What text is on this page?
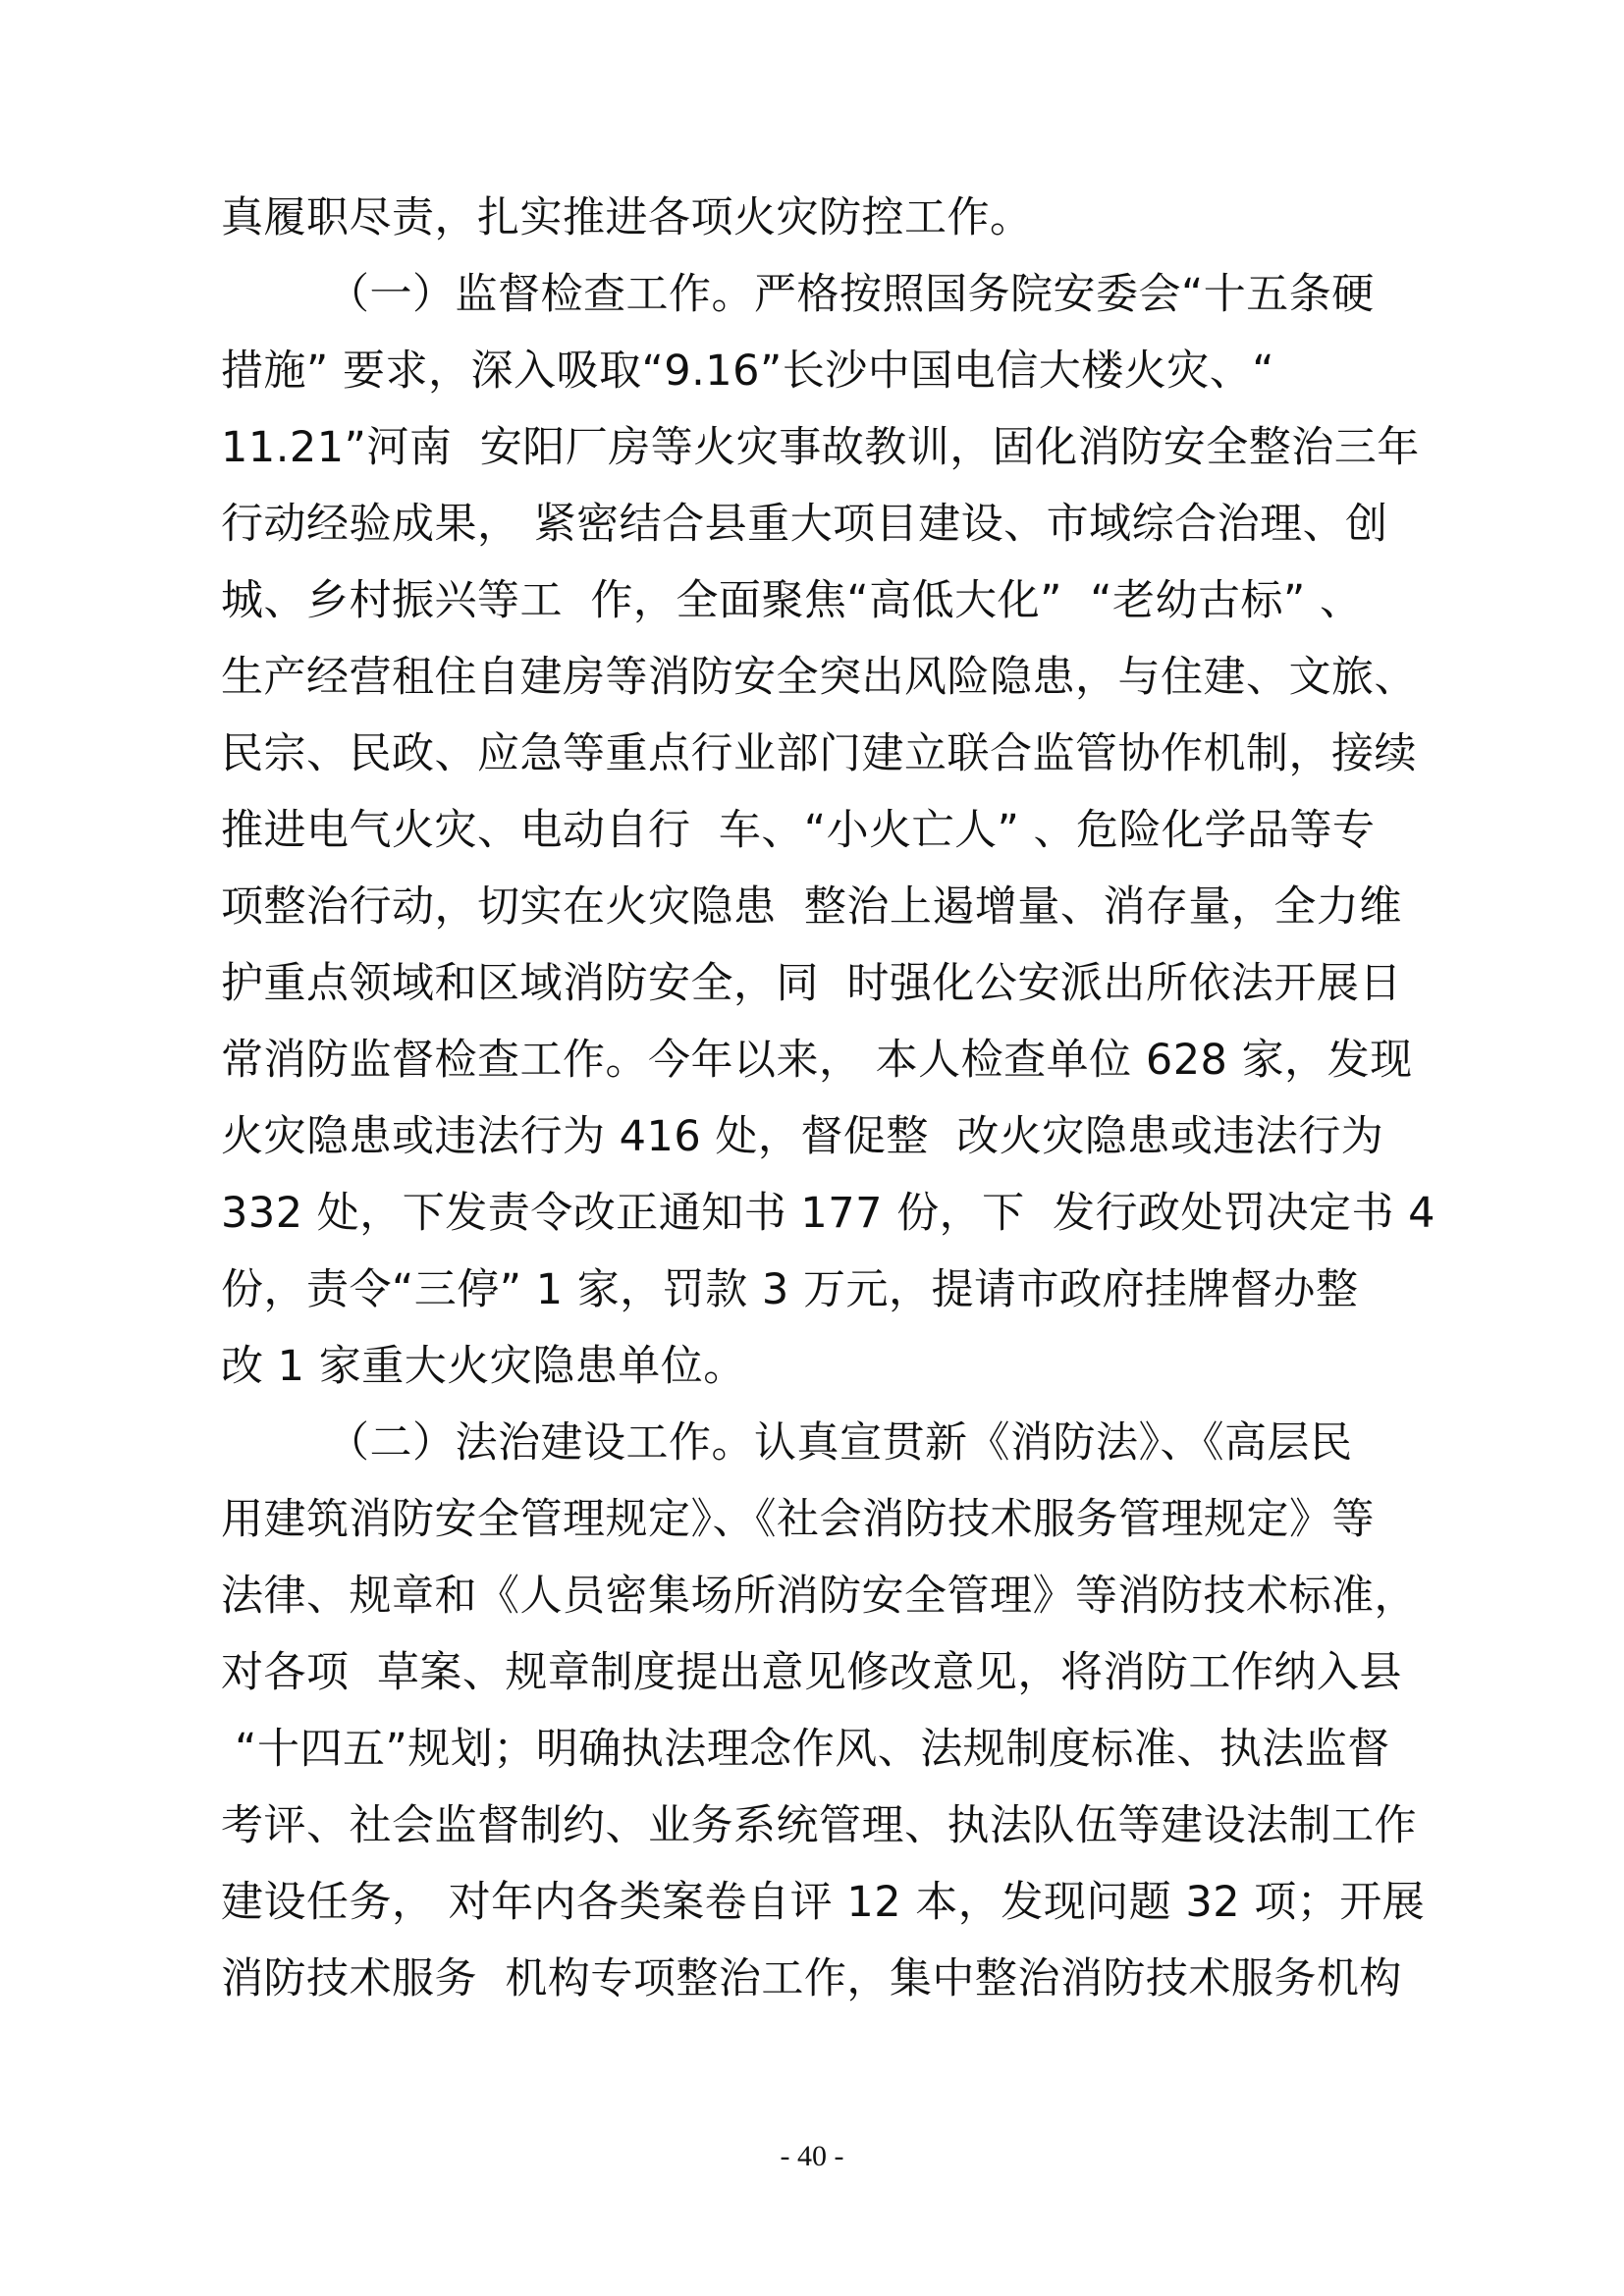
真履职尽责，扎实推进各项火灾防控工作。
（一）监督检查工作。严格按照国务院安委会“十五条硬
措施” 要求，深入吸取“9.16”长沙中国电信大楼火灾、“
11.21”河南  安阳厂房等火灾事故教训，固化消防安全整治三年
行动经验成果， 紧密结合县重大项目建设、市域综合治理、创
城、乡村振兴等工  作，全面聚焦“高低大化”  “老幼古标” 、
生产经营租住自建房等消防安全突出风险隐患，与住建、文旅、
民宗、民政、应急等重点行业部门建立联合监管协作机制，接续
推进电气火灾、电动自行  车、“小火亡人” 、危险化学品等专
项整治行动，切实在火灾隐患  整治上遏增量、消存量，全力维
护重点领域和区域消防安全，同  时强化公安派出所依法开展日
常消防监督检查工作。今年以来， 本人检查单位 628 家，发现
火灾隐患或违法行为 416 处，督促整  改火灾隐患或违法行为
332 处，下发责令改正通知书 177 份，下  发行政处罚决定书 4
份，责令“三停” 1 家，罚款 3 万元，提请市政府挂牌督办整
改 1 家重大火灾隐患单位。
（二）法治建设工作。认真宣贯新《消防法》、《高层民
用建筑消防安全管理规定》、《社会消防技术服务管理规定》等
法律、规章和《人员密集场所消防安全管理》等消防技术标准，
对各项  草案、规章制度提出意见修改意见，将消防工作纳入县
“十四五”规划；明确执法理念作风、法规制度标准、执法监督
考评、社会监督制约、业务系统管理、执法队伍等建设法制工作
建设任务， 对年内各类案卷自评 12 本，发现问题 32 项；开展
消防技术服务  机构专项整治工作，集中整治消防技术服务机构
- 40 -
